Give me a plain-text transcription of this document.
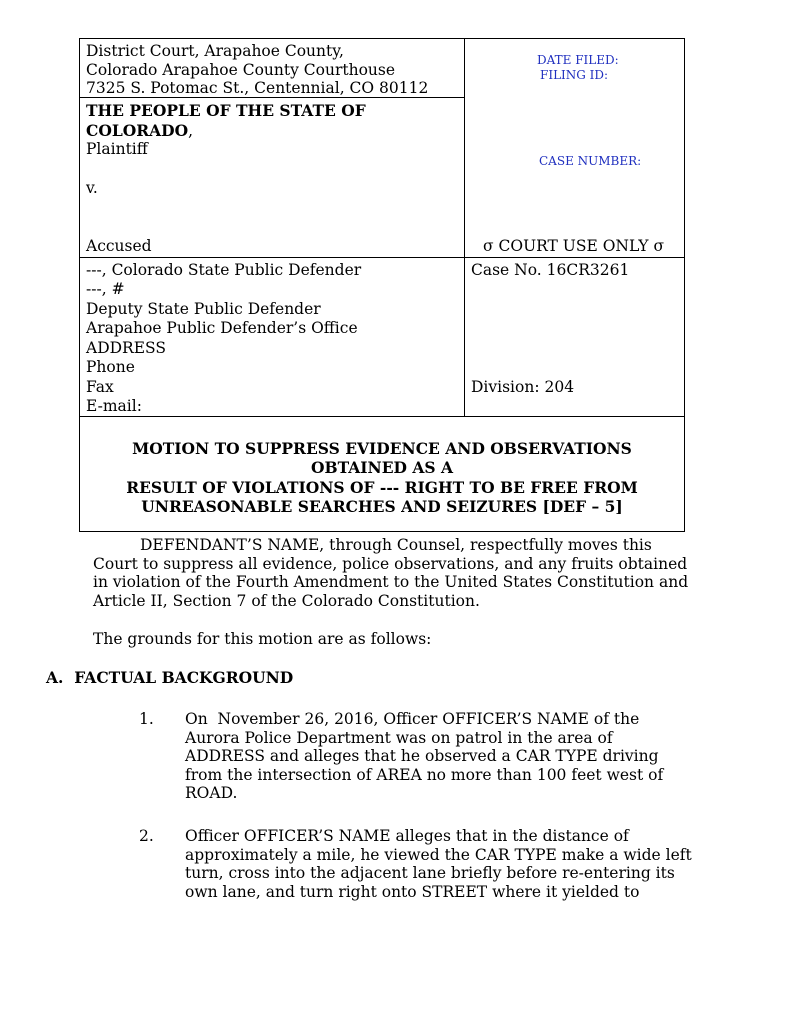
District Court, Arapahoe County,
Colorado Arapahoe County Courthouse
7325 S. Potomac St., Centennial, CO 80112
DATE FILED:
FILING ID:
CASE NUMBER:
THE PEOPLE OF THE STATE OF
COLORADO,
Plaintiff
v.
Accused	σ COURT USE ONLY σ
---, Colorado State Public Defender
---, #
Deputy State Public Defender
Arapahoe Public Defender’s Office
ADDRESS
Phone
Fax
E-mail:
Case No. 16CR3261
Division: 204
MOTION TO SUPPRESS EVIDENCE AND OBSERVATIONS
OBTAINED AS A
RESULT OF VIOLATIONS OF --- RIGHT TO BE FREE FROM
UNREASONABLE SEARCHES AND SEIZURES [DEF – 5]
DEFENDANT’S NAME, through Counsel, respectfully moves this Court to suppress all evidence, police observations, and any fruits obtained in violation of the Fourth Amendment to the United States Constitution and Article II, Section 7 of the Colorado Constitution.
The grounds for this motion are as follows:
A.  FACTUAL BACKGROUND
1. On  November 26, 2016, Officer OFFICER’S NAME of the Aurora Police Department was on patrol in the area of ADDRESS and alleges that he observed a CAR TYPE driving from the intersection of AREA no more than 100 feet west of ROAD.
2. Officer OFFICER’S NAME alleges that in the distance of approximately a mile, he viewed the CAR TYPE make a wide left turn, cross into the adjacent lane briefly before re-entering its own lane, and turn right onto STREET where it yielded to
